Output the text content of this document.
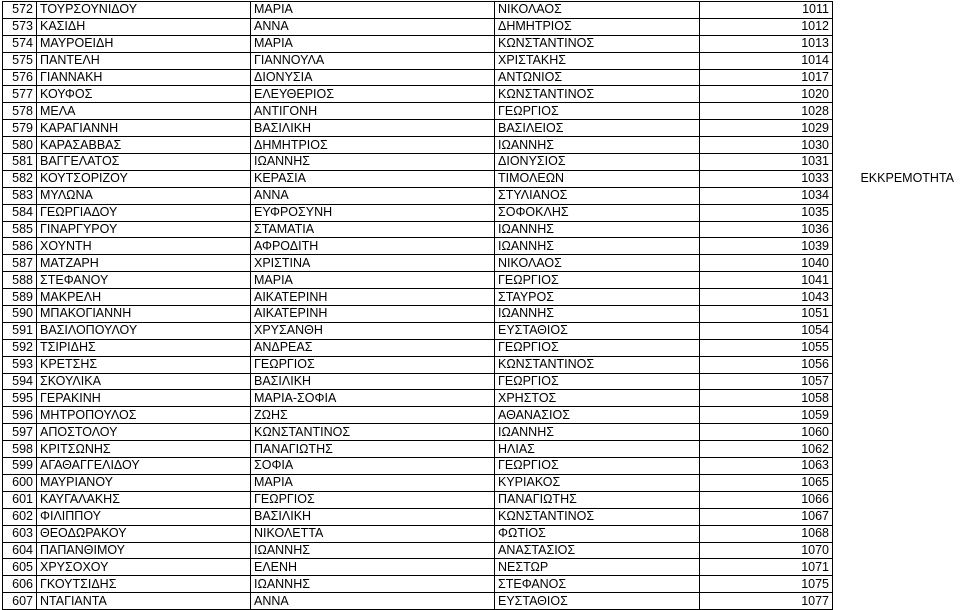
572	ΤΟΥΡΣΟΥΝΙΔΟΥ	ΜΑΡΙΑ	ΝΙΚΟΛΑΟΣ	1011	
573	ΚΑΣΙΔΗ	ΑΝΝΑ	ΔΗΜΗΤΡΙΟΣ	1012	
574	ΜΑΥΡΟΕΙΔΗ	ΜΑΡΙΑ	ΚΩΝΣΤΑΝΤΙΝΟΣ	1013	
575	ΠΑΝΤΕΛΗ	ΓΙΑΝΝΟΥΛΑ	ΧΡΙΣΤΑΚΗΣ	1014	
576	ΓΙΑΝΝΑΚΗ	ΔΙΟΝΥΣΙΑ	ΑΝΤΩΝΙΟΣ	1017	
577	ΚΟΥΦΟΣ	ΕΛΕΥΘΕΡΙΟΣ	ΚΩΝΣΤΑΝΤΙΝΟΣ	1020	
578	ΜΕΛΑ	ΑΝΤΙΓΟΝΗ	ΓΕΩΡΓΙΟΣ	1028	
579	ΚΑΡΑΓΙΑΝΝΗ	ΒΑΣΙΛΙΚΗ	ΒΑΣΙΛΕΙΟΣ	1029	
580	ΚΑΡΑΣΑΒΒΑΣ	ΔΗΜΗΤΡΙΟΣ	ΙΩΑΝΝΗΣ	1030	
581	ΒΑΓΓΕΛΑΤΟΣ	ΙΩΑΝΝΗΣ	ΔΙΟΝΥΣΙΟΣ	1031	
582	ΚΟΥΤΣΟΡΙΖΟΥ	ΚΕΡΑΣΙΑ	ΤΙΜΟΛΕΩΝ	1033	ΕΚΚΡΕΜΟΤΗΤΑ
583	ΜΥΛΩΝΑ	ΑΝΝΑ	ΣΤΥΛΙΑΝΟΣ	1034	
584	ΓΕΩΡΓΙΑΔΟΥ	ΕΥΦΡΟΣΥΝΗ	ΣΟΦΟΚΛΗΣ	1035	
585	ΓΙΝΑΡΓΥΡΟΥ	ΣΤΑΜΑΤΙΑ	ΙΩΑΝΝΗΣ	1036	
586	ΧΟΥΝΤΗ	ΑΦΡΟΔΙΤΗ	ΙΩΑΝΝΗΣ	1039	
587	ΜΑΤΖΑΡΗ	ΧΡΙΣΤΙΝΑ	ΝΙΚΟΛΑΟΣ	1040	
588	ΣΤΕΦΑΝΟΥ	ΜΑΡΙΑ	ΓΕΩΡΓΙΟΣ	1041	
589	ΜΑΚΡΕΛΗ	ΑΙΚΑΤΕΡΙΝΗ	ΣΤΑΥΡΟΣ	1043	
590	ΜΠΑΚΟΓΙΑΝΝΗ	ΑΙΚΑΤΕΡΙΝΗ	ΙΩΑΝΝΗΣ	1051	
591	ΒΑΣΙΛΟΠΟΥΛΟΥ	ΧΡΥΣΑΝΘΗ	ΕΥΣΤΑΘΙΟΣ	1054	
592	ΤΣΙΡΙΔΗΣ	ΑΝΔΡΕΑΣ	ΓΕΩΡΓΙΟΣ	1055	
593	ΚΡΕΤΣΗΣ	ΓΕΩΡΓΙΟΣ	ΚΩΝΣΤΑΝΤΙΝΟΣ	1056	
594	ΣΚΟΥΛΙΚΑ	ΒΑΣΙΛΙΚΗ	ΓΕΩΡΓΙΟΣ	1057	
595	ΓΕΡΑΚΙΝΗ	ΜΑΡΙΑ-ΣΟΦΙΑ	ΧΡΗΣΤΟΣ	1058	
596	ΜΗΤΡΟΠΟΥΛΟΣ	ΖΩΗΣ	ΑΘΑΝΑΣΙΟΣ	1059	
597	ΑΠΟΣΤΟΛΟΥ	ΚΩΝΣΤΑΝΤΙΝΟΣ	ΙΩΑΝΝΗΣ	1060	
598	ΚΡΙΤΣΩΝΗΣ	ΠΑΝΑΓΙΩΤΗΣ	ΗΛΙΑΣ	1062	
599	ΑΓΑΘΑΓΓΕΛΙΔΟΥ	ΣΟΦΙΑ	ΓΕΩΡΓΙΟΣ	1063	
600	ΜΑΥΡΙΑΝΟΥ	ΜΑΡΙΑ	ΚΥΡΙΑΚΟΣ	1065	
601	ΚΑΥΓΑΛΑΚΗΣ	ΓΕΩΡΓΙΟΣ	ΠΑΝΑΓΙΩΤΗΣ	1066	
602	ΦΙΛΙΠΠΟΥ	ΒΑΣΙΛΙΚΗ	ΚΩΝΣΤΑΝΤΙΝΟΣ	1067	
603	ΘΕΟΔΩΡΑΚΟΥ	ΝΙΚΟΛΕΤΤΑ	ΦΩΤΙΟΣ	1068	
604	ΠΑΠΑΝΘΙΜΟΥ	ΙΩΑΝΝΗΣ	ΑΝΑΣΤΑΣΙΟΣ	1070	
605	ΧΡΥΣΟΧΟΥ	ΕΛΕΝΗ	ΝΕΣΤΩΡ	1071	
606	ΓΚΟΥΤΣΙΔΗΣ	ΙΩΑΝΝΗΣ	ΣΤΕΦΑΝΟΣ	1075	
607	ΝΤΑΓΙΑΝΤΑ	ΑΝΝΑ	ΕΥΣΤΑΘΙΟΣ	1077	
